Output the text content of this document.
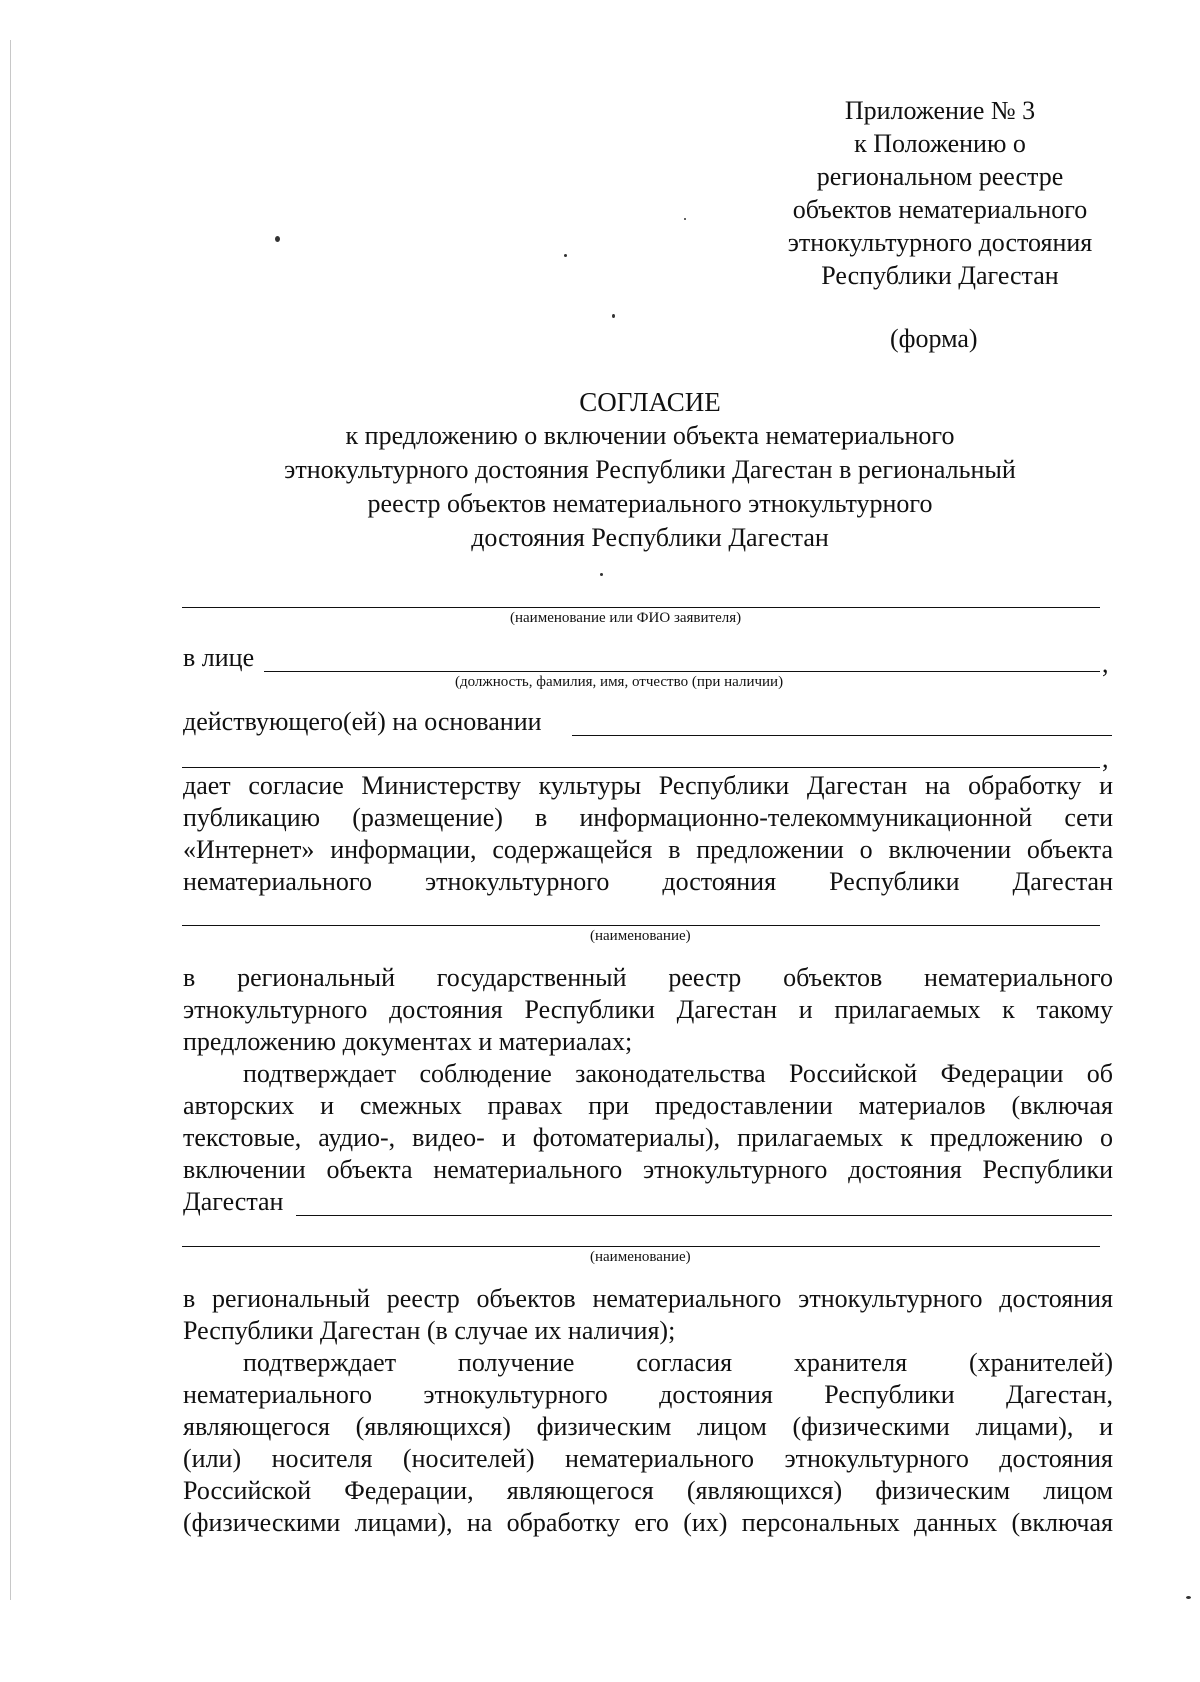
Приложение № 3
к Положению о
региональном реестре
объектов нематериального
этнокультурного достояния
Республики Дагестан
(форма)
СОГЛАСИЕ
к предложению о включении объекта нематериального
этнокультурного достояния Республики Дагестан в региональный
реестр объектов нематериального этнокультурного
достояния Республики Дагестан
(наименование или ФИО заявителя)
в лице	,
(должность, фамилия, имя, отчество (при наличии)
действующего(ей) на основании
,
дает согласие Министерству культуры Республики Дагестан на обработку и
публикацию (размещение) в информационно-телекоммуникационной сети
«Интернет» информации, содержащейся в предложении о включении объекта
нематериального этнокультурного достояния Республики Дагестан
(наименование)
в региональный государственный реестр объектов нематериального
этнокультурного достояния Республики Дагестан и прилагаемых к такому
предложению документах и материалах;
подтверждает соблюдение законодательства Российской Федерации об
авторских и смежных правах при предоставлении материалов (включая
текстовые, аудио-, видео- и фотоматериалы), прилагаемых к предложению о
включении объекта нематериального этнокультурного достояния Республики
Дагестан
(наименование)
в региональный реестр объектов нематериального этнокультурного достояния
Республики Дагестан (в случае их наличия);
подтверждает получение согласия хранителя (хранителей)
нематериального этнокультурного достояния Республики Дагестан,
являющегося (являющихся) физическим лицом (физическими лицами), и
(или) носителя (носителей) нематериального этнокультурного достояния
Российской Федерации, являющегося (являющихся) физическим лицом
(физическими лицами), на обработку его (их) персональных данных (включая
